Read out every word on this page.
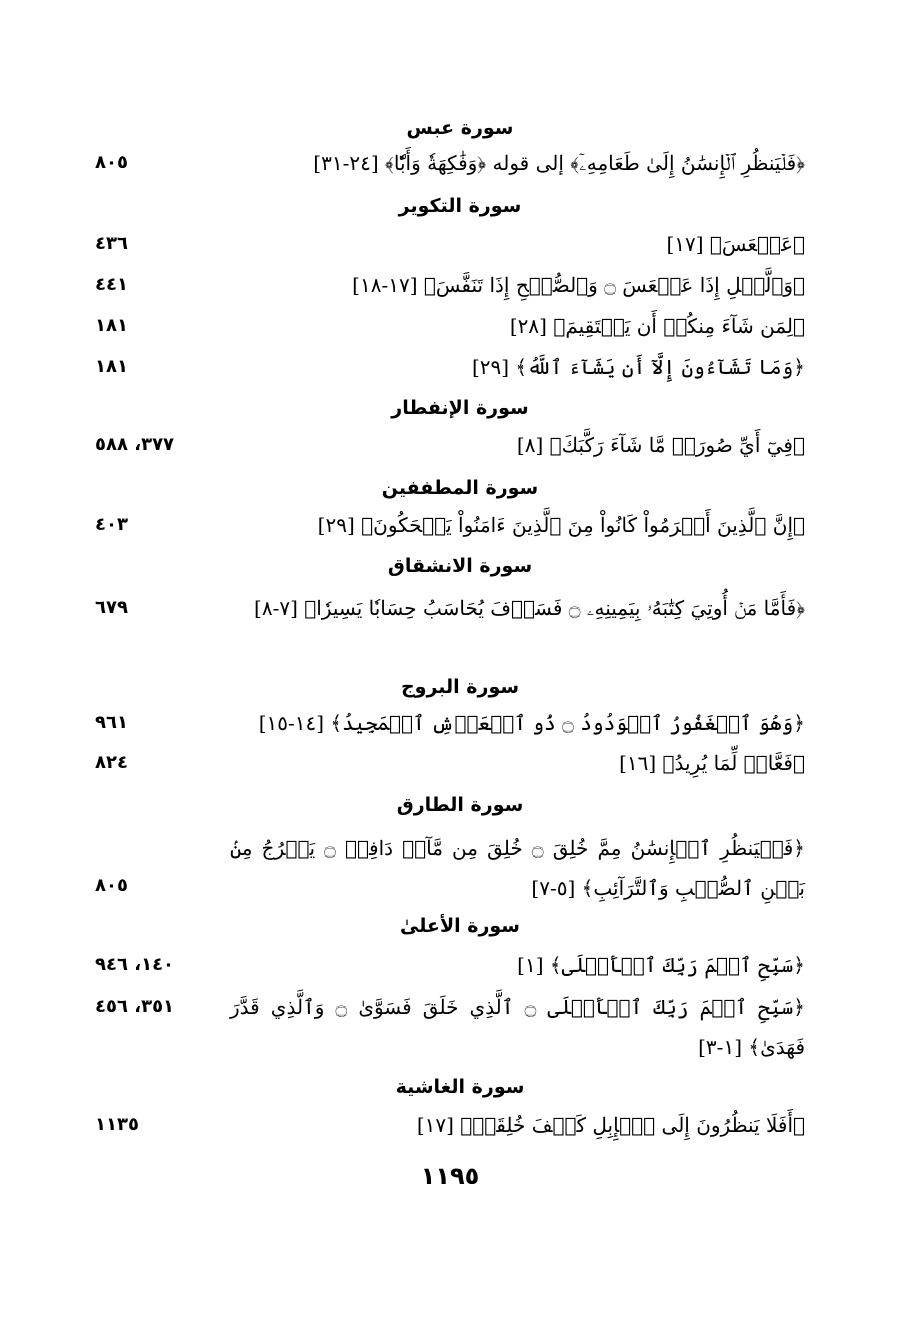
سورة عبس
﴿فَلۡيَنظُرِ ٱلۡإِنسَٰنُ إِلَىٰ طَعَامِهِۦٓ﴾ إلى قوله ﴿وَفَٰكِهَةٗ وَأَبّٗا﴾ [٢٤-٣١]
٨٠٥
سورة التكوير
﴿عَسۡعَسَ﴾ [١٧]
٤٣٦
﴿وَٱلَّيۡلِ إِذَا عَسۡعَسَ ۝ وَٱلصُّبۡحِ إِذَا تَنَفَّسَ﴾ [١٧-١٨]
٤٤١
﴿لِمَن شَآءَ مِنكُمۡ أَن يَسۡتَقِيمَ﴾ [٢٨]
١٨١
﴿وَمَا تَشَآءُونَ إِلَّآ أَن يَشَآءَ ٱللَّهُ﴾ [٢٩]
١٨١
سورة الإنفطار
﴿فِيٓ أَيِّ صُورَةٖ مَّا شَآءَ رَكَّبَكَ﴾ [٨]
٣٧٧، ٥٨٨
سورة المطففين
﴿إِنَّ ٱلَّذِينَ أَجۡرَمُواْ كَانُواْ مِنَ ٱلَّذِينَ ءَامَنُواْ يَضۡحَكُونَ﴾ [٢٩]
٤٠٣
سورة الانشقاق
﴿فَأَمَّا مَنۡ أُوتِيَ كِتَٰبَهُۥ بِيَمِينِهِۦ ۝ فَسَوۡفَ يُحَاسَبُ حِسَابٗا يَسِيرٗا﴾ [٧-٨]
٦٧٩
سورة البروج
﴿وَهُوَ ٱلۡغَفُورُ ٱلۡوَدُودُ ۝ ذُو ٱلۡعَرۡشِ ٱلۡمَجِيدُ﴾ [١٤-١٥]
٩٦١
﴿فَعَّالٞ لِّمَا يُرِيدُ﴾ [١٦]
٨٢٤
سورة الطارق
﴿فَلۡيَنظُرِ ٱلۡإِنسَٰنُ مِمَّ خُلِقَ ۝ خُلِقَ مِن مَّآءٖ دَافِقٖ ۝ يَخۡرُجُ مِنۢ بَيۡنِ ٱلصُّلۡبِ وَٱلتَّرَآئِبِ﴾ [٥-٧]
٨٠٥
سورة الأعلىٰ
﴿سَبِّحِ ٱسۡمَ رَبِّكَ ٱلۡأَعۡلَى﴾ [١]
١٤٠، ٩٤٦
﴿سَبِّحِ ٱسۡمَ رَبِّكَ ٱلۡأَعۡلَى ۝ ٱلَّذِي خَلَقَ فَسَوَّىٰ ۝ وَٱلَّذِي قَدَّرَ فَهَدَىٰ﴾ [١-٣]
٣٥١، ٤٥٦
سورة الغاشية
﴿أَفَلَا يَنظُرُونَ إِلَى ٱلۡإِبِلِ كَيۡفَ خُلِقَتۡ﴾ [١٧]
١١٣٥
١١٩٥
